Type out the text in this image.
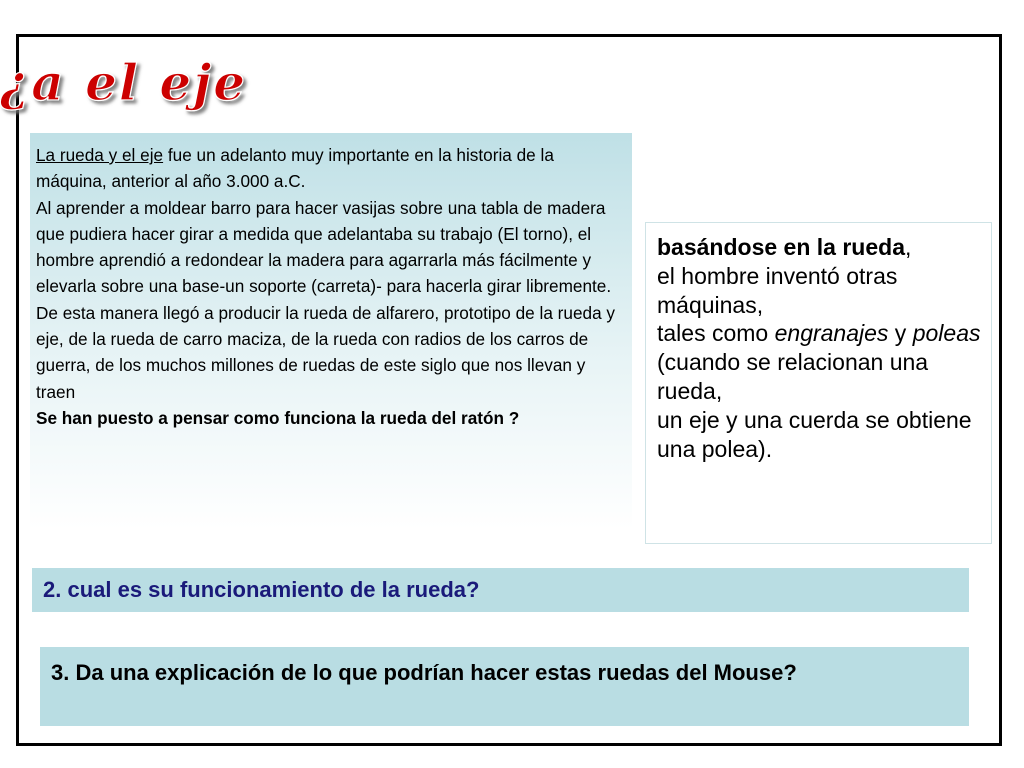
¿a el eje

La rueda y el eje fue un adelanto muy importante en la historia de la máquina, anterior al año 3.000 a.C.

Al aprender a moldear barro para hacer vasijas sobre una tabla de madera que pudiera hacer girar a medida que adelantaba su trabajo (El torno), el hombre aprendió a redondear la madera para agarrarla más fácilmente y elevarla sobre una base-un soporte (carreta)- para hacerla girar libremente. De esta manera llegó a producir la rueda de alfarero, prototipo de la rueda y eje, de la rueda de carro maciza, de la rueda con radios de los carros de guerra, de los muchos millones de ruedas de este siglo que nos llevan y traen

Se han puesto a pensar como funciona la rueda del ratón ?

basándose en la rueda,

el hombre inventó otras máquinas,

tales como engranajes y poleas

(cuando se relacionan una rueda,

un eje y una cuerda se obtiene una polea).

2. cual es su funcionamiento de la rueda?
3. Da una explicación de lo que podrían hacer estas ruedas del Mouse?
